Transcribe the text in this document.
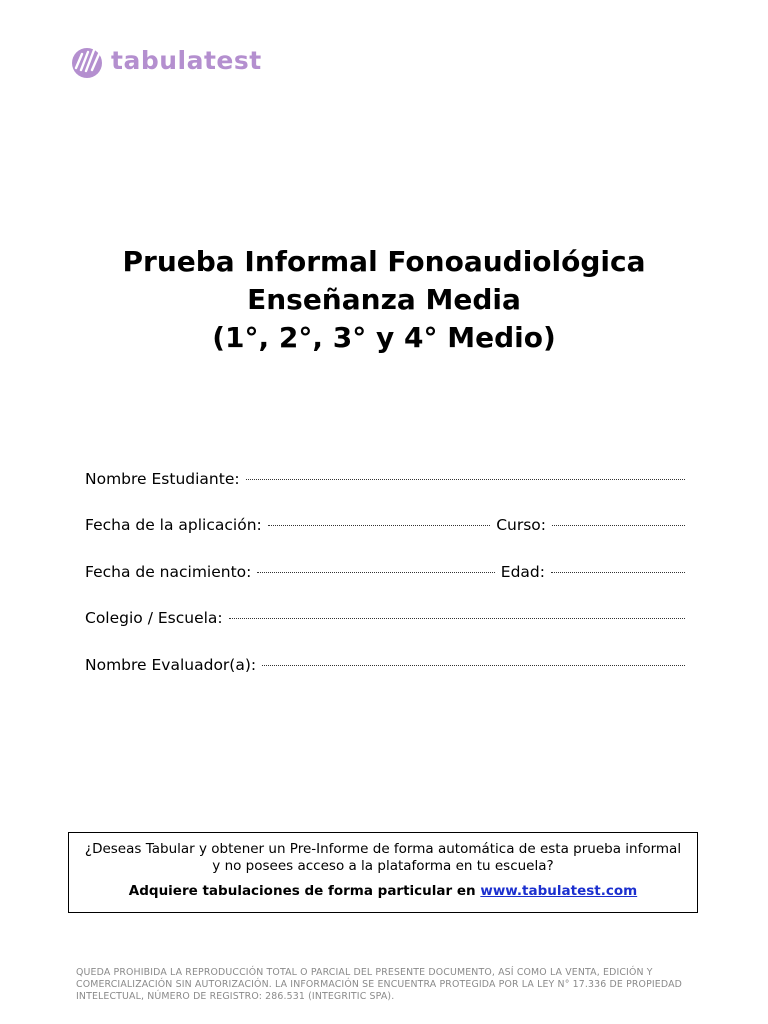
tabulatest
Prueba Informal Fonoaudiológica
Enseñanza Media
(1°, 2°, 3° y 4° Medio)
Nombre Estudiante:
Fecha de la aplicación:	Curso:
Fecha de nacimiento:	Edad:
Colegio / Escuela:
Nombre Evaluador(a):
¿Deseas Tabular y obtener un Pre-Informe de forma automática de esta prueba informal y no posees acceso a la plataforma en tu escuela?
Adquiere tabulaciones de forma particular en www.tabulatest.com
QUEDA PROHIBIDA LA REPRODUCCIÓN TOTAL O PARCIAL DEL PRESENTE DOCUMENTO, ASÍ COMO LA VENTA, EDICIÓN Y COMERCIALIZACIÓN SIN AUTORIZACIÓN. LA INFORMACIÓN SE ENCUENTRA PROTEGIDA POR LA LEY N° 17.336 DE PROPIEDAD INTELECTUAL, NÚMERO DE REGISTRO: 286.531 (INTEGRITIC SPA).
